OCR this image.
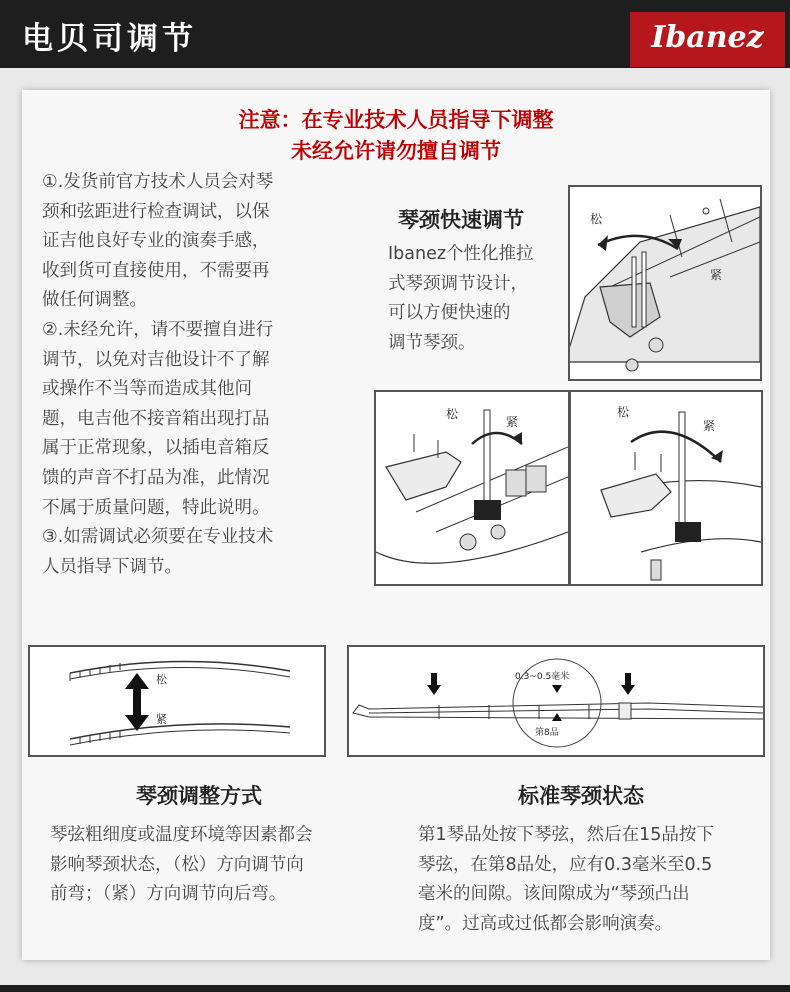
电贝司调节	Ibanez
注意：在专业技术人员指导下调整
未经允许请勿擅自调节
①.发货前官方技术人员会对琴
颈和弦距进行检查调试，以保
证吉他良好专业的演奏手感，
收到货可直接使用，不需要再
做任何调整。
②.未经允许，请不要擅自进行
调节，以免对吉他设计不了解
或操作不当等而造成其他问
题，电吉他不接音箱出现打品
属于正常现象，以插电音箱反
馈的声音不打品为准，此情况
不属于质量问题，特此说明。
③.如需调试必须要在专业技术
人员指导下调节。
琴颈快速调节
Ibanez个性化推拉
式琴颈调节设计，
可以方便快速的
调节琴颈。
松
紧
松
紧
松
紧
松
紧
0.3~0.5毫米
第8品
琴颈调整方式
琴弦粗细度或温度环境等因素都会
影响琴颈状态，（松）方向调节向
前弯；（紧）方向调节向后弯。
标准琴颈状态
第1琴品处按下琴弦，然后在15品按下
琴弦，在第8品处，应有0.3毫米至0.5
毫米的间隙。该间隙成为“琴颈凸出
度”。过高或过低都会影响演奏。
